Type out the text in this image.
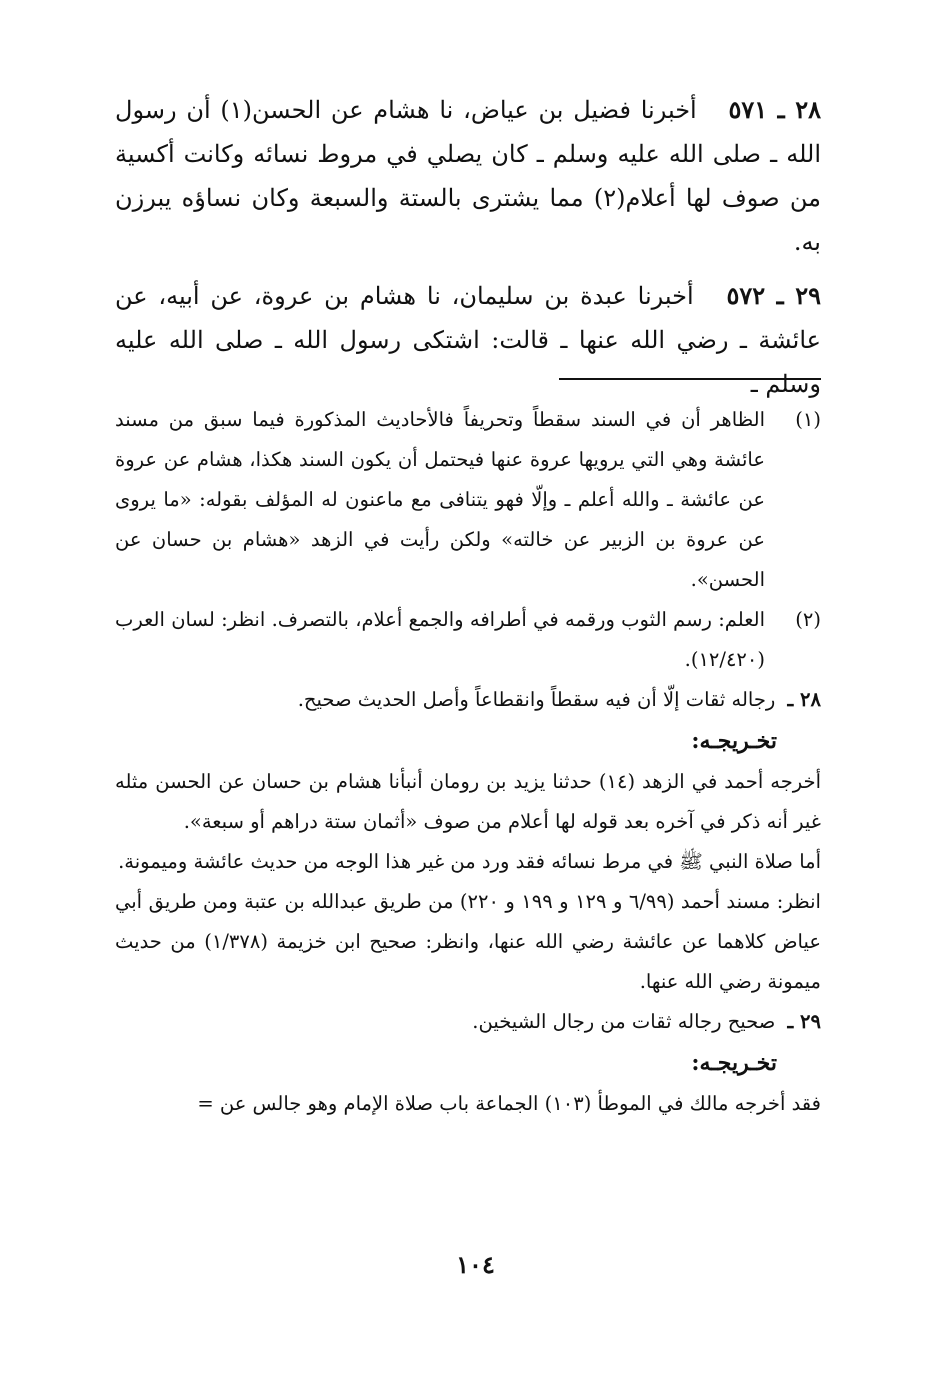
٢٨ ـ ٥٧١ أخبرنا فضيل بن عياض، نا هشام عن الحسن(١) أن رسول الله ـ صلى الله عليه وسلم ـ كان يصلي في مروط نسائه وكانت أكسية من صوف لها أعلام(٢) مما يشترى بالستة والسبعة وكان نساؤه يبرزن به.

٢٩ ـ ٥٧٢ أخبرنا عبدة بن سليمان، نا هشام بن عروة، عن أبيه، عن عائشة ـ رضي الله عنها ـ قالت: اشتكى رسول الله ـ صلى الله عليه وسلم ـ

(١)
الظاهر أن في السند سقطاً وتحريفاً فالأحاديث المذكورة فيما سبق من مسند عائشة وهي التي يرويها عروة عنها فيحتمل أن يكون السند هكذا، هشام عن عروة عن عائشة ـ والله أعلم ـ وإلّا فهو يتنافى مع ماعنون له المؤلف بقوله: «ما يروى عن عروة بن الزبير عن خالته» ولكن رأيت في الزهد «هشام بن حسان عن الحسن».
(٢)
العلم: رسم الثوب ورقمه في أطرافه والجمع أعلام، بالتصرف. انظر: لسان العرب (١٢/٤٢٠).
٢٨ ـ رجاله ثقات إلّا أن فيه سقطاً وانقطاعاً وأصل الحديث صحيح.
تخـريجـه:
أخرجه أحمد في الزهد (١٤) حدثنا يزيد بن رومان أنبأنا هشام بن حسان عن الحسن مثله غير أنه ذكر في آخره بعد قوله لها أعلام من صوف «أثمان ستة دراهم أو سبعة».
أما صلاة النبي ﷺ في مرط نسائه فقد ورد من غير هذا الوجه من حديث عائشة وميمونة.
انظر: مسند أحمد (٦/٩٩ و ١٢٩ و ١٩٩ و ٢٢٠) من طريق عبدالله بن عتبة ومن طريق أبي عياض كلاهما عن عائشة رضي الله عنها، وانظر: صحيح ابن خزيمة (١/٣٧٨) من حديث ميمونة رضي الله عنها.
٢٩ ـ صحيح رجاله ثقات من رجال الشيخين.
تخـريجـه:
فقد أخرجه مالك في الموطأ (١٠٣) الجماعة باب صلاة الإمام وهو جالس عن =
١٠٤
